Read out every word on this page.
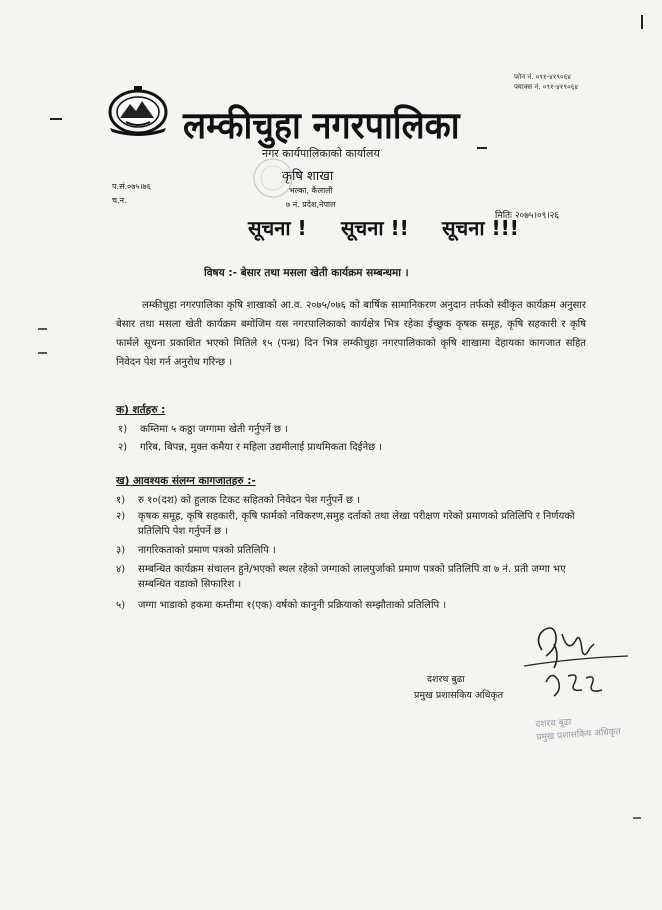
फोन नं. ०९१-४१९०६४
फ्याक्स नं. ०९१-४१९०६४
लम्कीचुहा नगरपालिका
नगर कार्यपालिकाको कार्यालय
कृषि शाखा
भल्का, कैलाली
७ नं. प्रदेश,नेपाल
प.सं.०७५।७६
च.न.
मितिः २०७५।०९।२६
सूचना ! सूचना !! सूचना !!!
विषय :- बेसार तथा मसला खेती कार्यक्रम सम्बन्धमा ।
लम्कीचुहा नगरपालिका कृषि शाखाको आ.व. २०७५/०७६ को बार्षिक सामानिकरण अनुदान तर्फको स्वीकृत कार्यक्रम अनुसार बेसार तथा मसला खेती कार्यक्रम बमोजिम यस नगरपालिकाको कार्यक्षेत्र भित्र रहेका ईच्छुक कृषक समूह, कृषि सहकारी र कृषि फार्मले सूचना प्रकाशित भएको मितिले १५ (पन्ध्र) दिन भित्र लम्कीचुहा नगरपालिकाको कृषि शाखामा देहायका कागजात सहित निवेदन पेश गर्न अनुरोध गरिन्छ ।
क) शर्तहरु :
१)	कम्तिमा ५ कठ्ठा जग्गामा खेती गर्नुपर्ने छ ।
२)	गरिब, बिपन्न, मुक्त कमैया र महिला उद्यमीलाई प्राथमिकता दिईनेछ ।
ख) आवश्यक संलग्न कागजातहरु :-
१)	रु १०(दश) को हुलाक टिकट सहितको निवेदन पेश गर्नुपर्ने छ ।
२)	कृषक समूह, कृषि सहकारी, कृषि फार्मको नविकरण,समुह दर्ताको तथा लेखा परीक्षण गरेको प्रमाणको प्रतिलिपि र निर्णयको प्रतिलिपि पेश गर्नुपर्ने छ ।
३)	नागरिकताको प्रमाण पत्रको प्रतिलिपि ।
४)	सम्बन्धित कार्यक्रम संचालन हुने/भएको स्थल रहेको जग्गाको लालपुर्जाको प्रमाण पत्रको प्रतिलिपि वा ७ नं. प्रती जग्गा भए सम्बन्धित वडाको सिफारिश ।
५)	जग्गा भाडाको हकमा कम्तीमा १(एक) वर्षको कानुनी प्रक्रियाको सम्झौताको प्रतिलिपि ।
दशरथ बुढा
प्रमुख प्रशासकिय अधिकृत
दशरथ बुढा
प्रमुख प्रशासकिय अधिकृत
